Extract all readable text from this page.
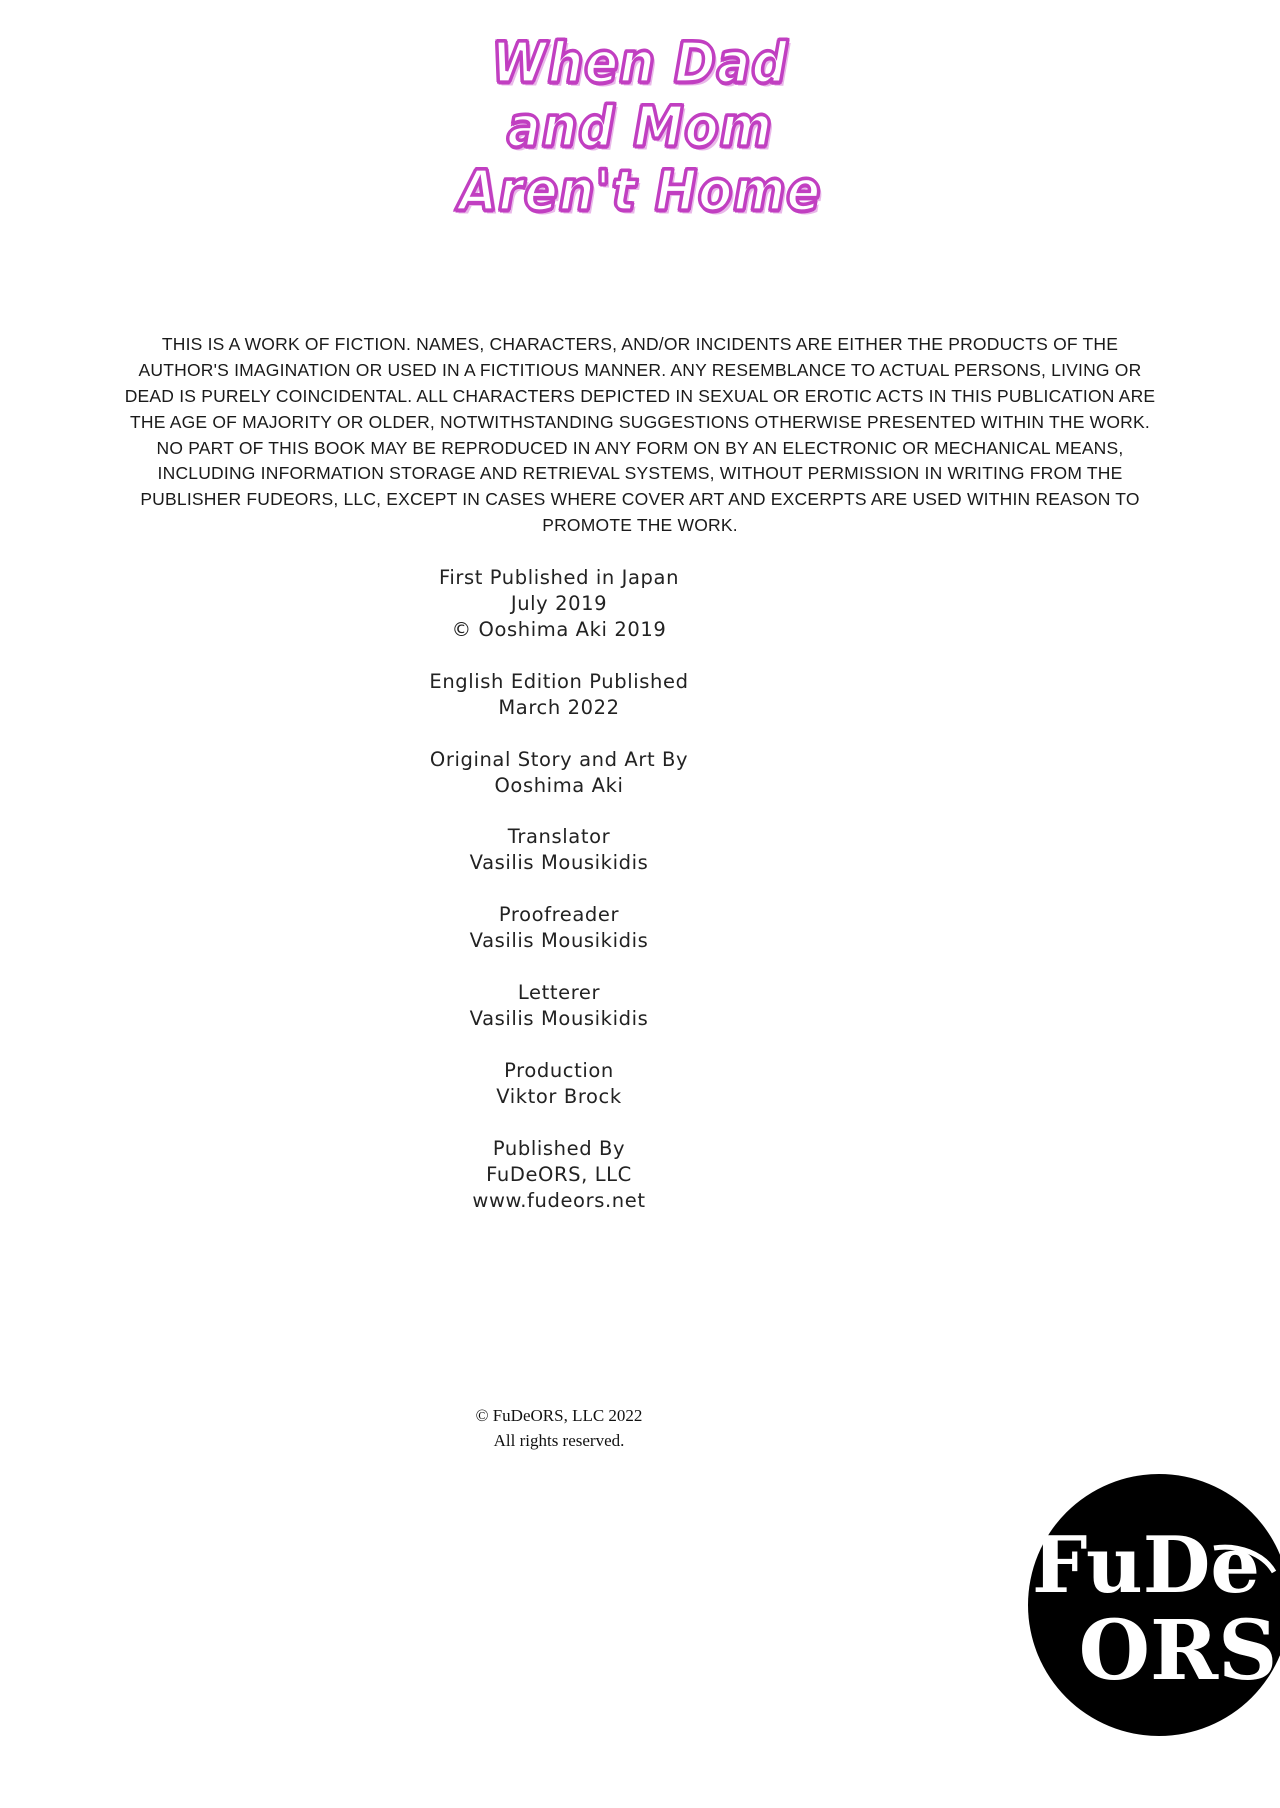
When Dad
and Mom
Aren't Home
THIS IS A WORK OF FICTION. NAMES, CHARACTERS, AND/OR INCIDENTS ARE EITHER THE PRODUCTS OF THE AUTHOR'S IMAGINATION OR USED IN A FICTITIOUS MANNER. ANY RESEMBLANCE TO ACTUAL PERSONS, LIVING OR DEAD IS PURELY COINCIDENTAL. ALL CHARACTERS DEPICTED IN SEXUAL OR EROTIC ACTS IN THIS PUBLICATION ARE THE AGE OF MAJORITY OR OLDER, NOTWITHSTANDING SUGGESTIONS OTHERWISE PRESENTED WITHIN THE WORK. NO PART OF THIS BOOK MAY BE REPRODUCED IN ANY FORM ON BY AN ELECTRONIC OR MECHANICAL MEANS, INCLUDING INFORMATION STORAGE AND RETRIEVAL SYSTEMS, WITHOUT PERMISSION IN WRITING FROM THE PUBLISHER FUDEORS, LLC, EXCEPT IN CASES WHERE COVER ART AND EXCERPTS ARE USED WITHIN REASON TO PROMOTE THE WORK.
First Published in Japan
July 2019
© Ooshima Aki 2019
English Edition Published
March 2022
Original Story and Art By
Ooshima Aki
Translator
Vasilis Mousikidis
Proofreader
Vasilis Mousikidis
Letterer
Vasilis Mousikidis
Production
Viktor Brock
Published By
FuDeORS, LLC
www.fudeors.net
© FuDeORS, LLC 2022
All rights reserved.
FuDe
ORS
